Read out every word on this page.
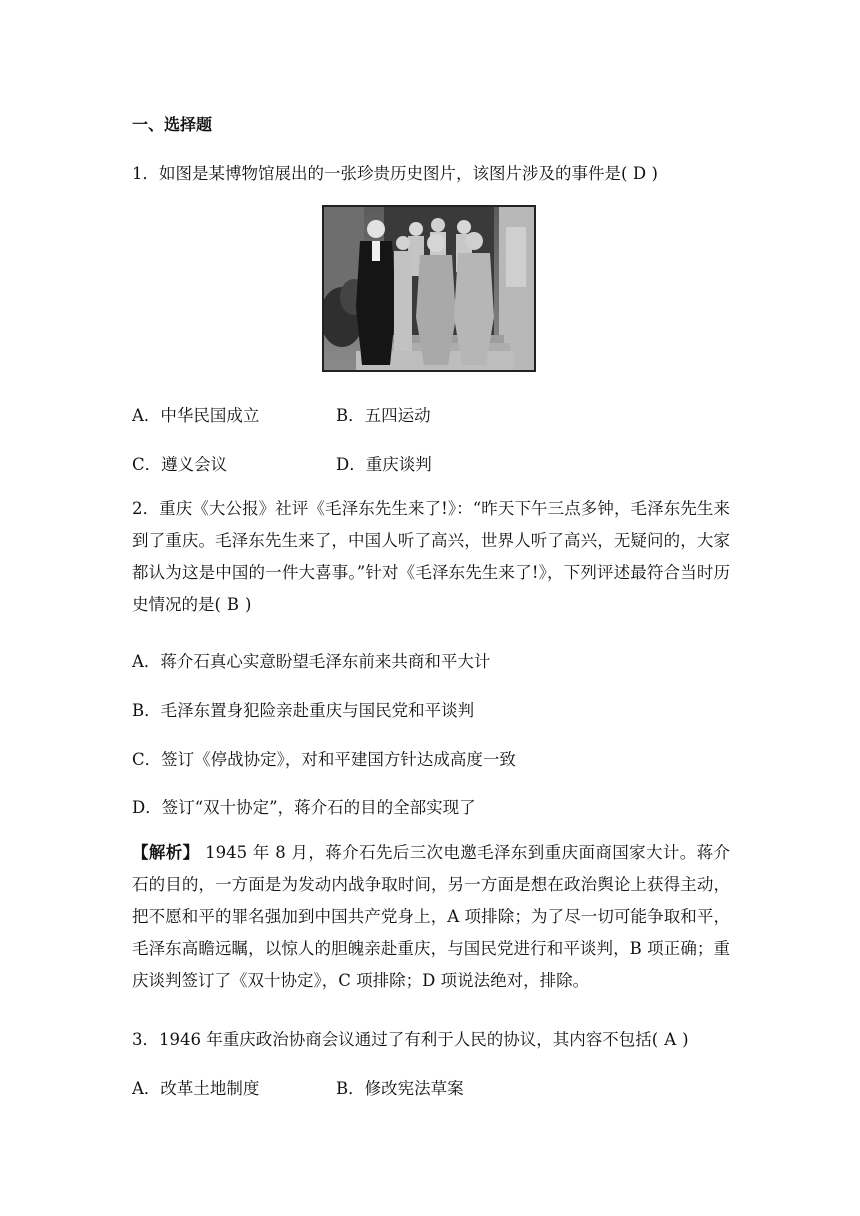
一、选择题
1．如图是某博物馆展出的一张珍贵历史图片，该图片涉及的事件是( D )
A．中华民国成立	B．五四运动
C．遵义会议	D．重庆谈判
2．重庆《大公报》社评《毛泽东先生来了!》：“昨天下午三点多钟，毛泽东先生来到了重庆。毛泽东先生来了，中国人听了高兴，世界人听了高兴，无疑问的，大家都认为这是中国的一件大喜事。”针对《毛泽东先生来了!》，下列评述最符合当时历史情况的是( B )
A．蒋介石真心实意盼望毛泽东前来共商和平大计
B．毛泽东置身犯险亲赴重庆与国民党和平谈判
C．签订《停战协定》，对和平建国方针达成高度一致
D．签订“双十协定”，蒋介石的目的全部实现了
【解析】 1945 年 8 月，蒋介石先后三次电邀毛泽东到重庆面商国家大计。蒋介石的目的，一方面是为发动内战争取时间，另一方面是想在政治舆论上获得主动，把不愿和平的罪名强加到中国共产党身上，A 项排除；为了尽一切可能争取和平，毛泽东高瞻远瞩，以惊人的胆魄亲赴重庆，与国民党进行和平谈判，B 项正确；重庆谈判签订了《双十协定》，C 项排除；D 项说法绝对，排除。
3．1946 年重庆政治协商会议通过了有利于人民的协议，其内容不包括( A )
A．改革土地制度	B．修改宪法草案
